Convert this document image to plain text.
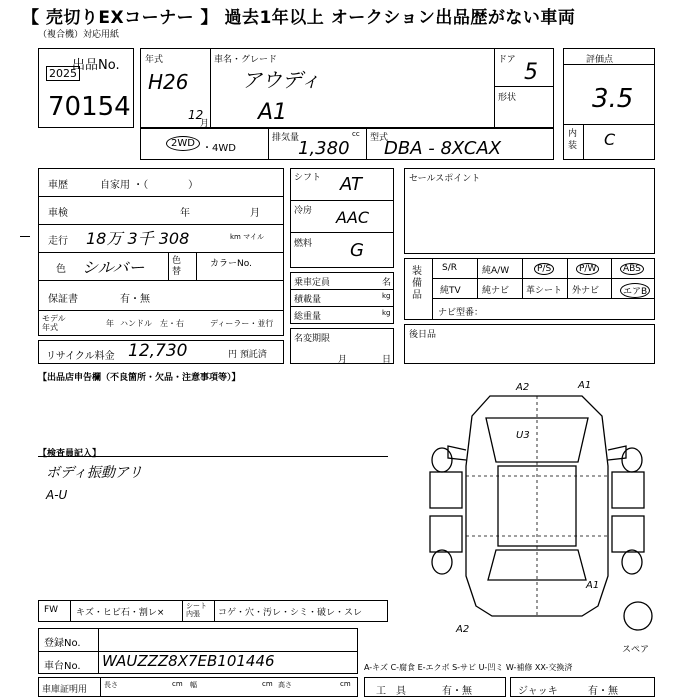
【 売切りEXコーナー 】 過去1年以上 オークション出品歴がない車両
（複合機）対応用紙
出品No.
2025
70154
年式
H26
12
月
車名・グレード
アウディ
A1
ドア 5
形状
評価点
3.5
内装 C
2WD ・4WD
排気量	cc
1,380 型式
DBA - 8XCAX
車歴	自家用 ・（　　　　）
車検	年	月
走行 18万 3千 308	km マイル
色 シルバー	色替
カラーNo.
保証書	有・無
モデル年式	年 ハンドル 左・右	ディーラー・並行
リサイクル料金 12,730	円 預託済
シフト AT
冷房 AAC
燃料 G
乗車定員	名
積載量	kg
総重量	kg
名変期限
月	日
セールスポイント
装備品
S/R	純A/W	P/S	P/W	ABS
純TV 純ナビ 革シート 外ナビ	エアB
ナビ型番：
後日品
【出品店申告欄（不良箇所・欠品・注意事項等）】
【検査員記入】
ボディ振動アリ
A-U
A2	A1
U3
A1
A2
スペア
FW キズ・ヒビ石・割レ×
シート内張	コゲ・穴・汚レ・シミ・破レ・スレ
登録No.
車台No. WAUZZZ8X7EB101446
車庫証明用 長さ	cm 幅	cm 高さ	cm
A-キズ C-腐食 E-エクボ S-サビ U-凹ミ W-補修 XX-交換済
工　具	有・無	ジャッキ	有・無
